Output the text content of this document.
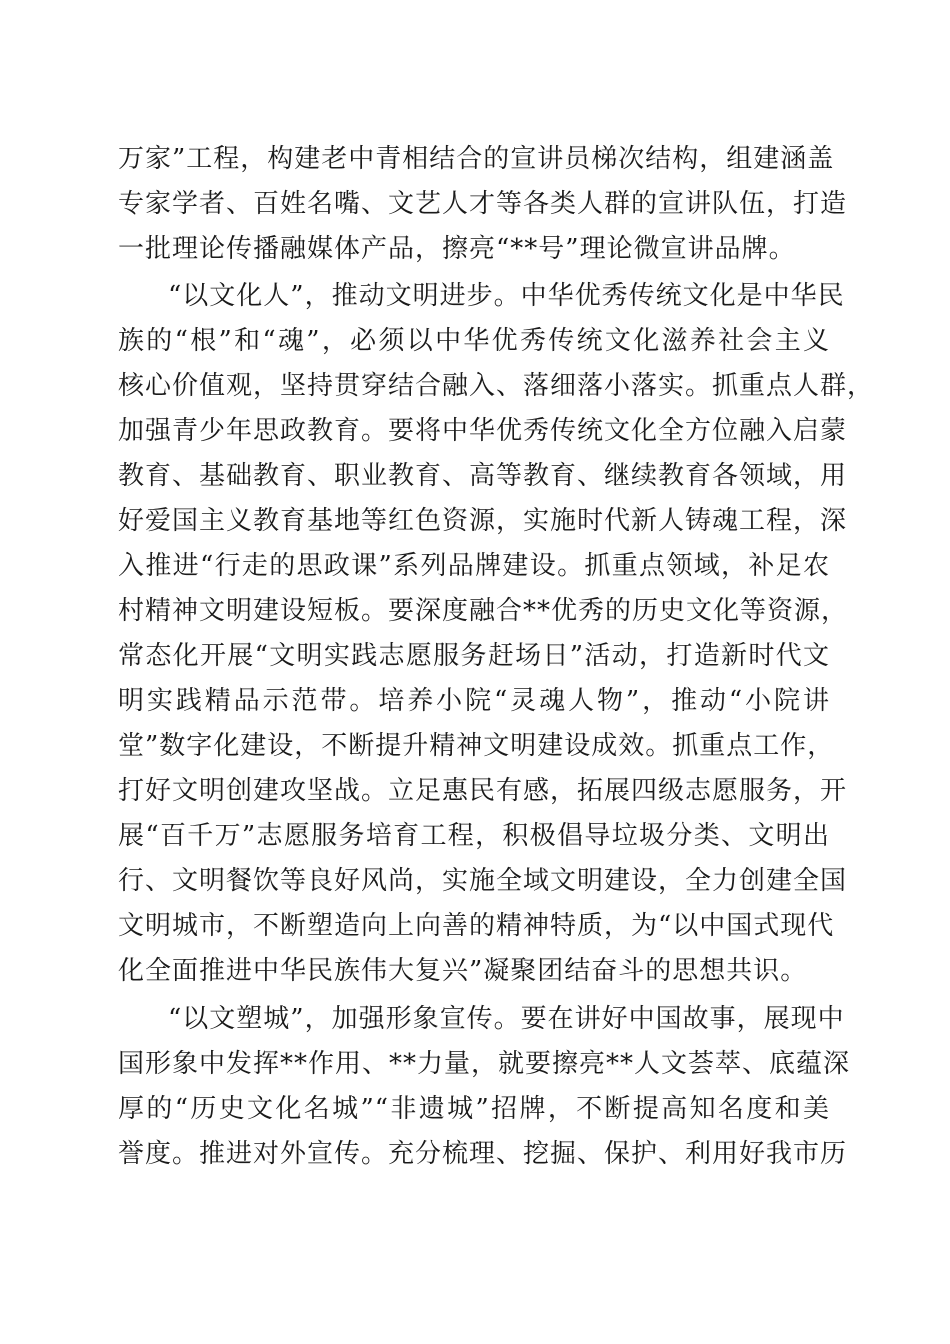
万家”工程，构建老中青相结合的宣讲员梯次结构，组建涵盖
专家学者、百姓名嘴、文艺人才等各类人群的宣讲队伍，打造
一批理论传播融媒体产品，擦亮“**号”理论微宣讲品牌。
“以文化人”，推动文明进步。中华优秀传统文化是中华民
族的“根”和“魂”，必须以中华优秀传统文化滋养社会主义
核心价值观，坚持贯穿结合融入、落细落小落实。抓重点人群，
加强青少年思政教育。要将中华优秀传统文化全方位融入启蒙
教育、基础教育、职业教育、高等教育、继续教育各领域，用
好爱国主义教育基地等红色资源，实施时代新人铸魂工程，深
入推进“行走的思政课”系列品牌建设。抓重点领域，补足农
村精神文明建设短板。要深度融合**优秀的历史文化等资源，
常态化开展“文明实践志愿服务赶场日”活动，打造新时代文
明实践精品示范带。培养小院“灵魂人物”，推动“小院讲
堂”数字化建设，不断提升精神文明建设成效。抓重点工作，
打好文明创建攻坚战。立足惠民有感，拓展四级志愿服务，开
展“百千万”志愿服务培育工程，积极倡导垃圾分类、文明出
行、文明餐饮等良好风尚，实施全域文明建设，全力创建全国
文明城市，不断塑造向上向善的精神特质，为“以中国式现代
化全面推进中华民族伟大复兴”凝聚团结奋斗的思想共识。
“以文塑城”，加强形象宣传。要在讲好中国故事，展现中
国形象中发挥**作用、**力量，就要擦亮**人文荟萃、底蕴深
厚的“历史文化名城”“非遗城”招牌，不断提高知名度和美
誉度。推进对外宣传。充分梳理、挖掘、保护、利用好我市历
